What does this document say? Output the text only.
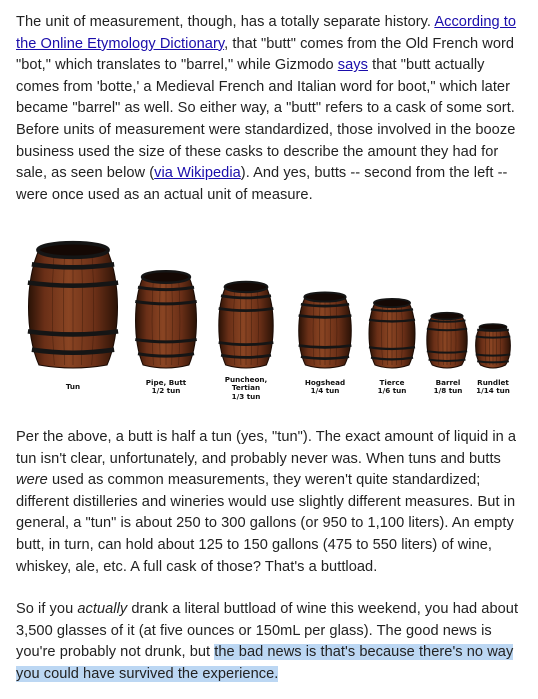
The unit of measurement, though, has a totally separate history. According to the Online Etymology Dictionary, that "butt" comes from the Old French word "bot," which translates to "barrel," while Gizmodo says that "butt actually comes from 'botte,' a Medieval French and Italian word for boot," which later became "barrel" as well. So either way, a "butt" refers to a cask of some sort. Before units of measurement were standardized, those involved in the booze business used the size of these casks to describe the amount they had for sale, as seen below (via Wikipedia). And yes, butts -- second from the left -- were once used as an actual unit of measure.

Tun	Pipe, Butt
1/2 tun
Puncheon,
Tertian
1/3 tun
Hogshead
1/4 tun
Tierce
1/6 tun
Barrel
1/8 tun
Rundlet
1/14 tun

Per the above, a butt is half a tun (yes, "tun"). The exact amount of liquid in a tun isn't clear, unfortunately, and probably never was. When tuns and butts were used as common measurements, they weren't quite standardized; different distilleries and wineries would use slightly different measures. But in general, a "tun" is about 250 to 300 gallons (or 950 to 1,100 liters). An empty butt, in turn, can hold about 125 to 150 gallons (475 to 550 liters) of wine, whiskey, ale, etc. A full cask of those? That's a buttload.

So if you actually drank a literal buttload of wine this weekend, you had about 3,500 glasses of it (at five ounces or 150mL per glass). The good news is you're probably not drunk, but the bad news is that's because there's no way you could have survived the experience.
